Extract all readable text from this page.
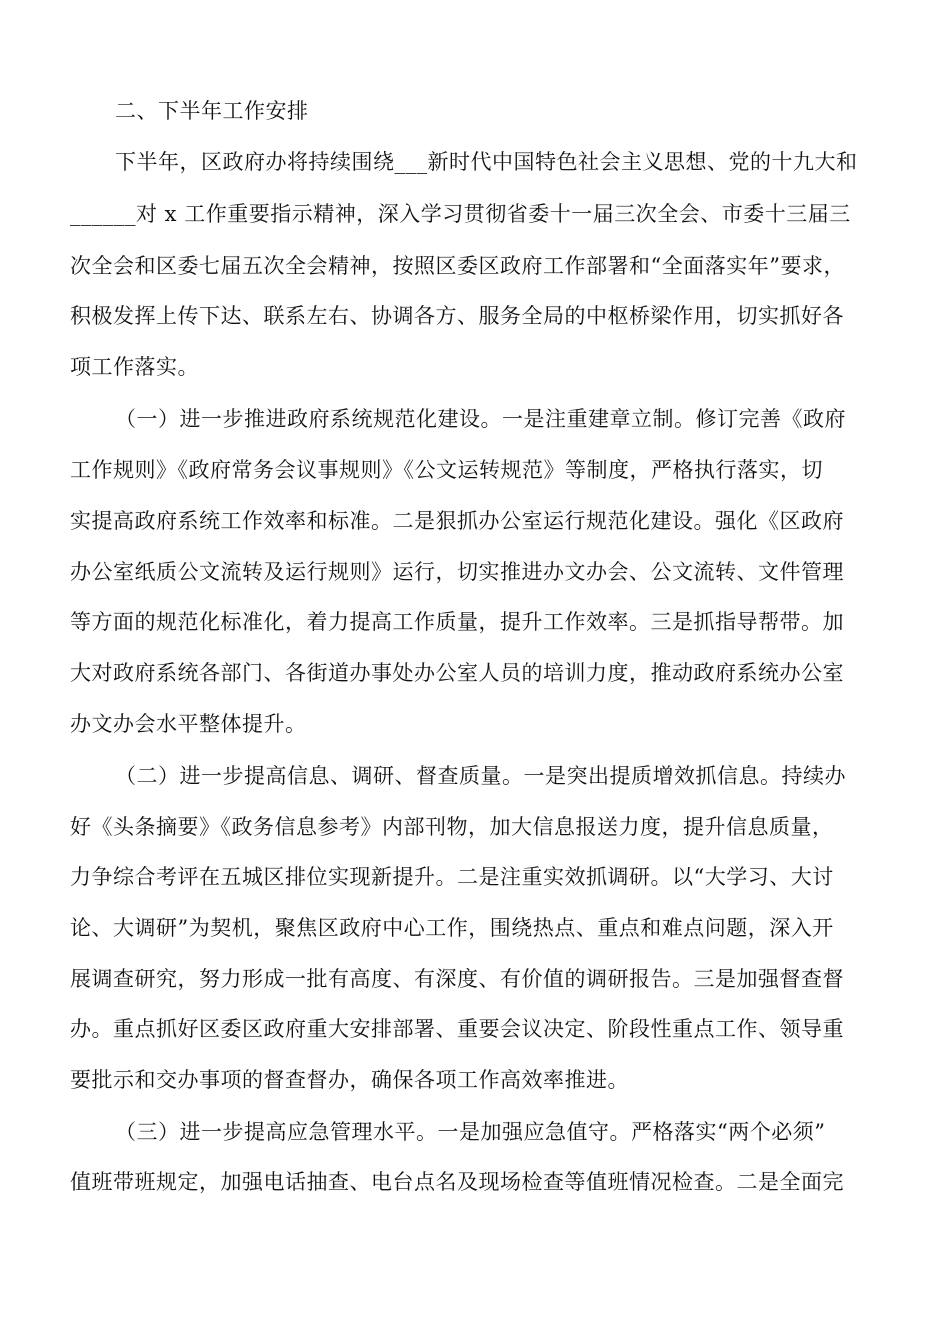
二、下半年工作安排
下半年，区政府办将持续围绕___新时代中国特色社会主义思想、党的十九大和
______对 x 工作重要指示精神，深入学习贯彻省委十一届三次全会、市委十三届三
次全会和区委七届五次全会精神，按照区委区政府工作部署和“全面落实年”要求，
积极发挥上传下达、联系左右、协调各方、服务全局的中枢桥梁作用，切实抓好各
项工作落实。
（一）进一步推进政府系统规范化建设。一是注重建章立制。修订完善《政府
工作规则》《政府常务会议事规则》《公文运转规范》等制度，严格执行落实，切
实提高政府系统工作效率和标准。二是狠抓办公室运行规范化建设。强化《区政府
办公室纸质公文流转及运行规则》运行，切实推进办文办会、公文流转、文件管理
等方面的规范化标准化，着力提高工作质量，提升工作效率。三是抓指导帮带。加
大对政府系统各部门、各街道办事处办公室人员的培训力度，推动政府系统办公室
办文办会水平整体提升。
（二）进一步提高信息、调研、督查质量。一是突出提质增效抓信息。持续办
好《头条摘要》《政务信息参考》内部刊物，加大信息报送力度，提升信息质量，
力争综合考评在五城区排位实现新提升。二是注重实效抓调研。以“大学习、大讨
论、大调研”为契机，聚焦区政府中心工作，围绕热点、重点和难点问题，深入开
展调查研究，努力形成一批有高度、有深度、有价值的调研报告。三是加强督查督
办。重点抓好区委区政府重大安排部署、重要会议决定、阶段性重点工作、领导重
要批示和交办事项的督查督办，确保各项工作高效率推进。
（三）进一步提高应急管理水平。一是加强应急值守。严格落实“两个必须”
值班带班规定，加强电话抽查、电台点名及现场检查等值班情况检查。二是全面完
